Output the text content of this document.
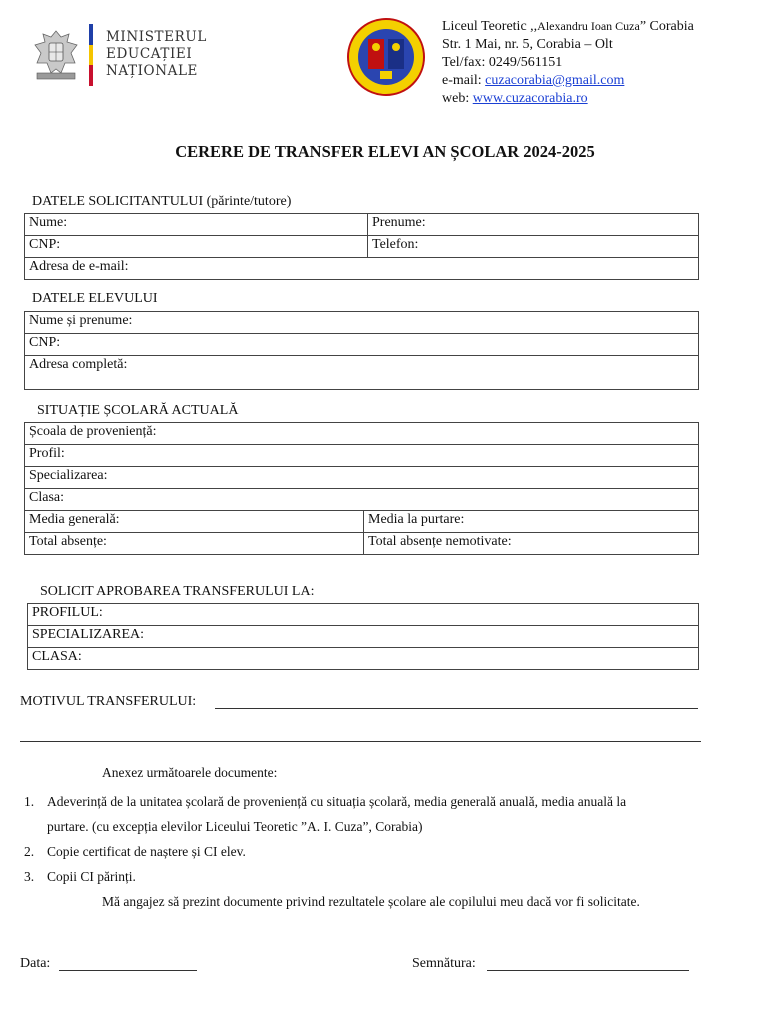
MINISTERUL
EDUCAȚIEI
NAȚIONALE
Liceul Teoretic ,,Alexandru Ioan Cuza” Corabia
Str. 1 Mai, nr. 5, Corabia – Olt
Tel/fax: 0249/561151
e-mail: cuzacorabia@gmail.com
web: www.cuzacorabia.ro
CERERE DE TRANSFER ELEVI AN ȘCOLAR 2024-2025
DATELE SOLICITANTULUI (părinte/tutore)
Nume:	Prenume:
CNP:	Telefon:
Adresa de e-mail:	
DATELE ELEVULUI
Nume și prenume:
CNP:
Adresa completă:
SITUAȚIE ȘCOLARĂ ACTUALĂ
Școala de proveniență:	
Profil:	
Specializarea:	
Clasa:	
Media generală:	Media la purtare:
Total absențe:	Total absențe nemotivate:
SOLICIT APROBAREA TRANSFERULUI LA:
PROFILUL:
SPECIALIZAREA:
CLASA:
MOTIVUL TRANSFERULUI:
Anexez următoarele documente:
1. Adeverință de la unitatea școlară de proveniență cu situația școlară, media generală anuală, media anuală la
purtare. (cu excepția elevilor Liceului Teoretic ”A. I. Cuza”, Corabia)
2. Copie certificat de naștere și CI elev.
3. Copii CI părinți.
Mă angajez să prezint documente privind rezultatele școlare ale copilului meu dacă vor fi solicitate.
Data:	Semnătura:
